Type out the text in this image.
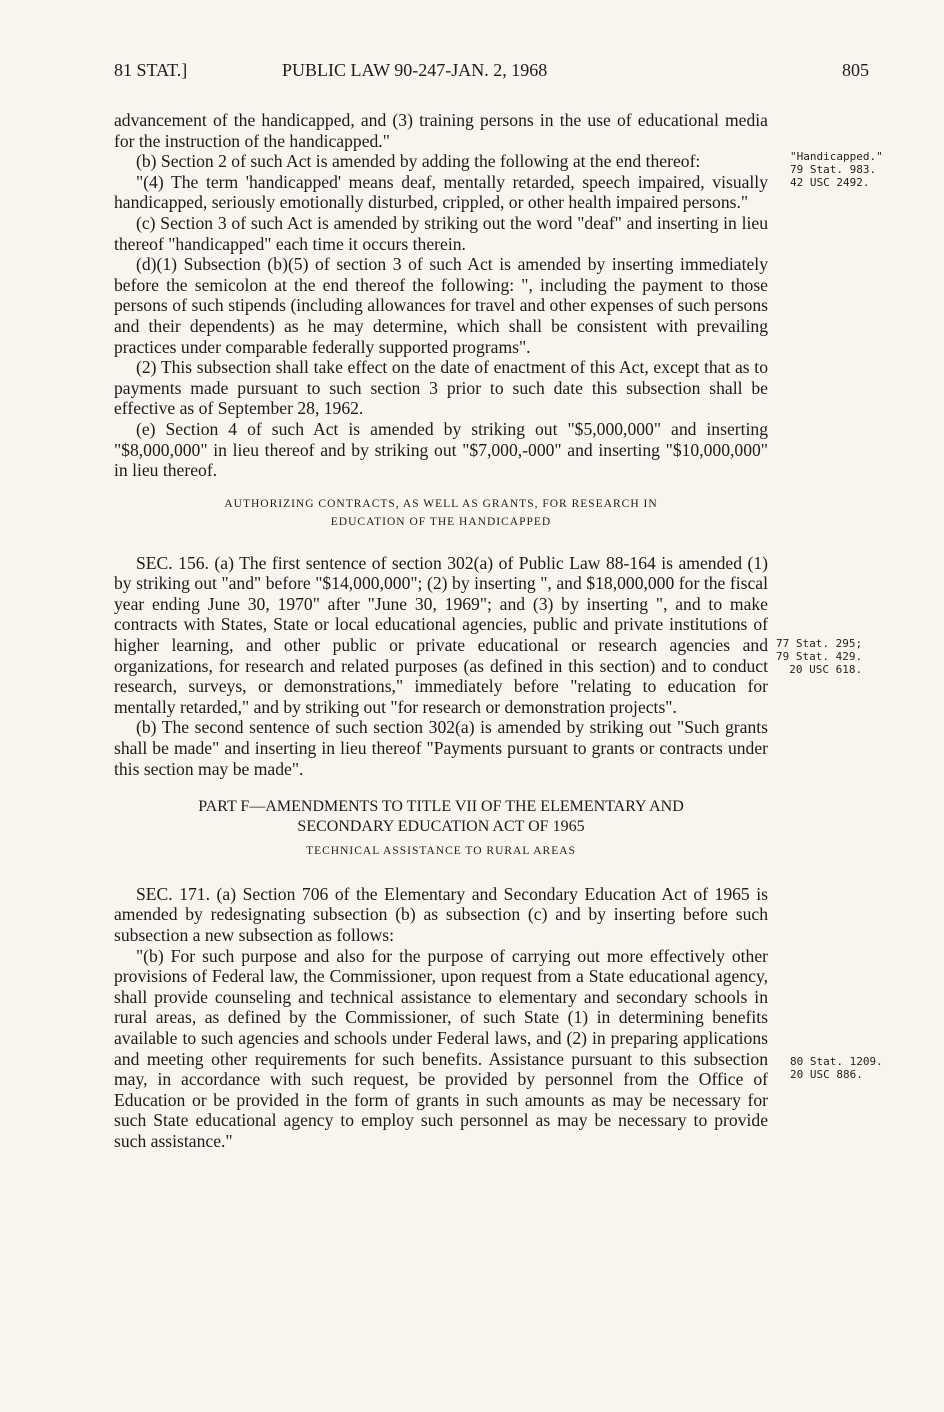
81 STAT.]	PUBLIC LAW 90-247-JAN. 2, 1968	805

advancement of the handicapped, and (3) training persons in the use of educational media for the instruction of the handicapped."

(b) Section 2 of such Act is amended by adding the following at the end thereof:

"(4) The term 'handicapped' means deaf, mentally retarded, speech impaired, visually handicapped, seriously emotionally disturbed, crippled, or other health impaired persons."

(c) Section 3 of such Act is amended by striking out the word "deaf" and inserting in lieu thereof "handicapped" each time it occurs therein.

(d)(1) Subsection (b)(5) of section 3 of such Act is amended by inserting immediately before the semicolon at the end thereof the following: ", including the payment to those persons of such stipends (including allowances for travel and other expenses of such persons and their dependents) as he may determine, which shall be consistent with prevailing practices under comparable federally supported programs".

(2) This subsection shall take effect on the date of enactment of this Act, except that as to payments made pursuant to such section 3 prior to such date this subsection shall be effective as of September 28, 1962.

(e) Section 4 of such Act is amended by striking out "$5,000,000" and inserting "$8,000,000" in lieu thereof and by striking out "$7,000,-000" and inserting "$10,000,000" in lieu thereof.

AUTHORIZING CONTRACTS, AS WELL AS GRANTS, FOR RESEARCH IN
EDUCATION OF THE HANDICAPPED

SEC. 156. (a) The first sentence of section 302(a) of Public Law 88-164 is amended (1) by striking out "and" before "$14,000,000"; (2) by inserting ", and $18,000,000 for the fiscal year ending June 30, 1970" after "June 30, 1969"; and (3) by inserting ", and to make contracts with States, State or local educational agencies, public and private institutions of higher learning, and other public or private educational or research agencies and organizations, for research and related purposes (as defined in this section) and to conduct research, surveys, or demonstrations," immediately before "relating to education for mentally retarded," and by striking out "for research or demonstration projects".

(b) The second sentence of such section 302(a) is amended by striking out "Such grants shall be made" and inserting in lieu thereof "Payments pursuant to grants or contracts under this section may be made".

PART F—AMENDMENTS TO TITLE VII OF THE ELEMENTARY AND
SECONDARY EDUCATION ACT OF 1965
TECHNICAL ASSISTANCE TO RURAL AREAS

SEC. 171. (a) Section 706 of the Elementary and Secondary Education Act of 1965 is amended by redesignating subsection (b) as subsection (c) and by inserting before such subsection a new subsection as follows:

"(b) For such purpose and also for the purpose of carrying out more effectively other provisions of Federal law, the Commissioner, upon request from a State educational agency, shall provide counseling and technical assistance to elementary and secondary schools in rural areas, as defined by the Commissioner, of such State (1) in determining benefits available to such agencies and schools under Federal laws, and (2) in preparing applications and meeting other requirements for such benefits. Assistance pursuant to this subsection may, in accordance with such request, be provided by personnel from the Office of Education or be provided in the form of grants in such amounts as may be necessary for such State educational agency to employ such personnel as may be necessary to provide such assistance."

"Handicapped."
79 Stat. 983.
42 USC 2492.
77 Stat. 295;
79 Stat. 429.
20 USC 618.
80 Stat. 1209.
20 USC 886.
